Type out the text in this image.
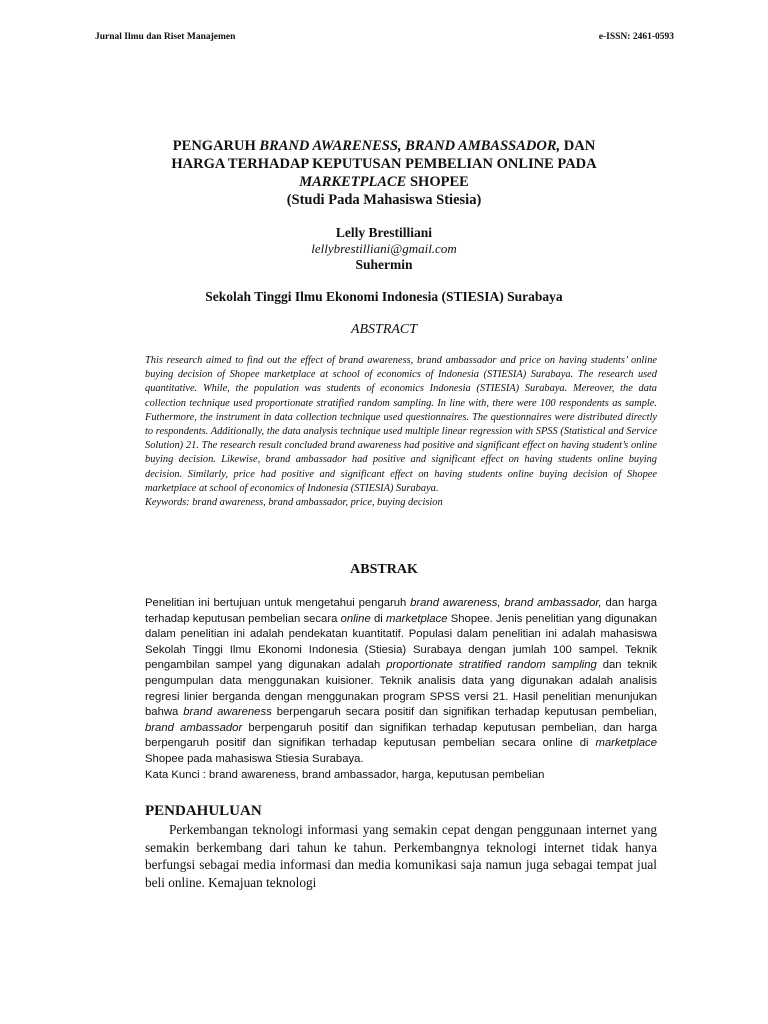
Jurnal Ilmu dan Riset Manajemen	e-ISSN: 2461-0593
PENGARUH BRAND AWARENESS, BRAND AMBASSADOR, DAN
HARGA TERHADAP KEPUTUSAN PEMBELIAN ONLINE PADA
MARKETPLACE SHOPEE
(Studi Pada Mahasiswa Stiesia)
Lelly Brestilliani
lellybrestilliani@gmail.com
Suhermin
Sekolah Tinggi Ilmu Ekonomi Indonesia (STIESIA) Surabaya
ABSTRACT

This research aimed to find out the effect of brand awareness, brand ambassador and price on having students’ online buying decision of Shopee marketplace at school of economics of Indonesia (STIESIA) Surabaya. The research used quantitative. While, the population was students of economics Indonesia (STIESIA) Surabaya. Mereover, the data collection technique used proportionate stratified random sampling. In line with, there were 100 respondents as sample. Futhermore, the instrument in data collection technique used questionnaires. The questionnaires were distributed directly to respondents. Additionally, the data analysis technique used multiple linear regression with SPSS (Statistical and Service Solution) 21. The research result concluded brand awareness had positive and significant effect on having student’s online buying decision. Likewise, brand ambassador had positive and significant effect on having students online buying decision. Similarly, price had positive and significant effect on having students online buying decision of Shopee marketplace at school of economics of Indonesia (STIESIA) Surabaya.

Keywords: brand awareness, brand ambassador, price, buying decision

ABSTRAK

Penelitian ini bertujuan untuk mengetahui pengaruh brand awareness, brand ambassador, dan harga terhadap keputusan pembelian secara online di marketplace Shopee. Jenis penelitian yang digunakan dalam penelitian ini adalah pendekatan kuantitatif. Populasi dalam penelitian ini adalah mahasiswa Sekolah Tinggi Ilmu Ekonomi Indonesia (Stiesia) Surabaya dengan jumlah 100 sampel. Teknik pengambilan sampel yang digunakan adalah proportionate stratified random sampling dan teknik pengumpulan data menggunakan kuisioner. Teknik analisis data yang digunakan adalah analisis regresi linier berganda dengan menggunakan program SPSS versi 21. Hasil penelitian menunjukan bahwa brand awareness berpengaruh secara positif dan signifikan terhadap keputusan pembelian, brand ambassador berpengaruh positif dan signifikan terhadap keputusan pembelian, dan harga berpengaruh positif dan signifikan terhadap keputusan pembelian secara online di marketplace Shopee pada mahasiswa Stiesia Surabaya.

Kata Kunci : brand awareness, brand ambassador, harga, keputusan pembelian

PENDAHULUAN

Perkembangan teknologi informasi yang semakin cepat dengan penggunaan internet yang semakin berkembang dari tahun ke tahun. Perkembangnya teknologi internet tidak hanya berfungsi sebagai media informasi dan media komunikasi saja namun juga sebagai tempat jual beli online. Kemajuan teknologi
